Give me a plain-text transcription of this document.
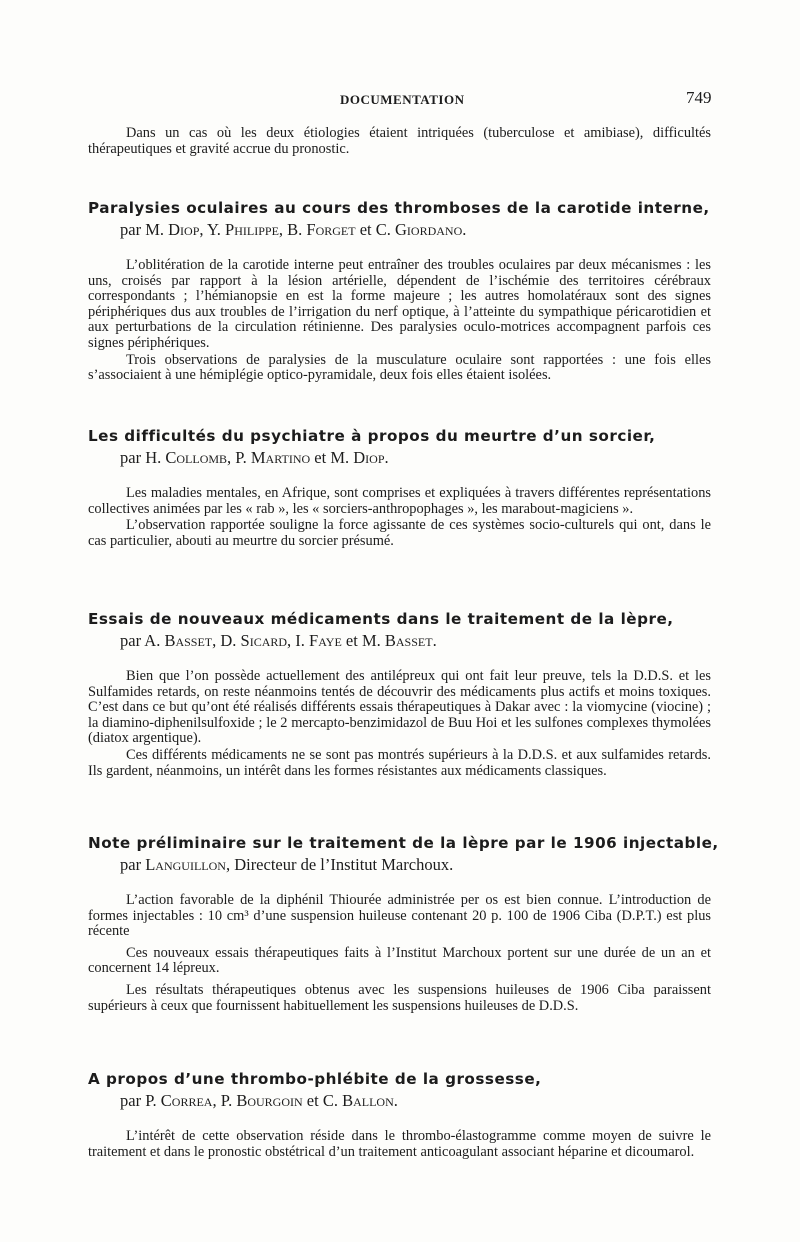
DOCUMENTATION	749

Dans un cas où les deux étiologies étaient intriquées (tuberculose et amibiase), difficultés thérapeutiques et gravité accrue du pronostic.

Paralysies oculaires au cours des thromboses de la carotide interne,
par M. Diop, Y. Philippe, B. Forget et C. Giordano.

L’oblitération de la carotide interne peut entraîner des troubles oculaires par deux mécanismes : les uns, croisés par rapport à la lésion artérielle, dépendent de l’ischémie des territoires cérébraux correspondants ; l’hémianopsie en est la forme majeure ; les autres homolatéraux sont des signes périphériques dus aux troubles de l’irrigation du nerf optique, à l’atteinte du sympathique péricarotidien et aux perturbations de la circulation rétinienne. Des paralysies oculo-motrices accompagnent parfois ces signes périphériques.

Trois observations de paralysies de la musculature oculaire sont rapportées : une fois elles s’associaient à une hémiplégie optico-pyramidale, deux fois elles étaient isolées.

Les difficultés du psychiatre à propos du meurtre d’un sorcier,
par H. Collomb, P. Martino et M. Diop.

Les maladies mentales, en Afrique, sont comprises et expliquées à travers différentes représentations collectives animées par les « rab », les « sorciers-anthropophages », les marabout-magiciens ».

L’observation rapportée souligne la force agissante de ces systèmes socio-culturels qui ont, dans le cas particulier, abouti au meurtre du sorcier présumé.

Essais de nouveaux médicaments dans le traitement de la lèpre,
par A. Basset, D. Sicard, I. Faye et M. Basset.

Bien que l’on possède actuellement des antilépreux qui ont fait leur preuve, tels la D.D.S. et les Sulfamides retards, on reste néanmoins tentés de découvrir des médicaments plus actifs et moins toxiques. C’est dans ce but qu’ont été réalisés différents essais thérapeutiques à Dakar avec : la viomycine (viocine) ; la diamino-diphenilsulfoxide ; le 2 mercapto-benzimidazol de Buu Hoi et les sulfones complexes thymolées (diatox argentique).

Ces différents médicaments ne se sont pas montrés supérieurs à la D.D.S. et aux sulfamides retards. Ils gardent, néanmoins, un intérêt dans les formes résistantes aux médicaments classiques.

Note préliminaire sur le traitement de la lèpre par le 1906 injectable,
par Languillon, Directeur de l’Institut Marchoux.

L’action favorable de la diphénil Thiourée administrée per os est bien connue. L’introduction de formes injectables : 10 cm³ d’une suspension huileuse contenant 20 p. 100 de 1906 Ciba (D.P.T.) est plus récente

Ces nouveaux essais thérapeutiques faits à l’Institut Marchoux portent sur une durée de un an et concernent 14 lépreux.

Les résultats thérapeutiques obtenus avec les suspensions huileuses de 1906 Ciba paraissent supérieurs à ceux que fournissent habituellement les suspensions huileuses de D.D.S.

A propos d’une thrombo-phlébite de la grossesse,
par P. Correa, P. Bourgoin et C. Ballon.

L’intérêt de cette observation réside dans le thrombo-élastogramme comme moyen de suivre le traitement et dans le pronostic obstétrical d’un traitement anticoagulant associant héparine et dicoumarol.
